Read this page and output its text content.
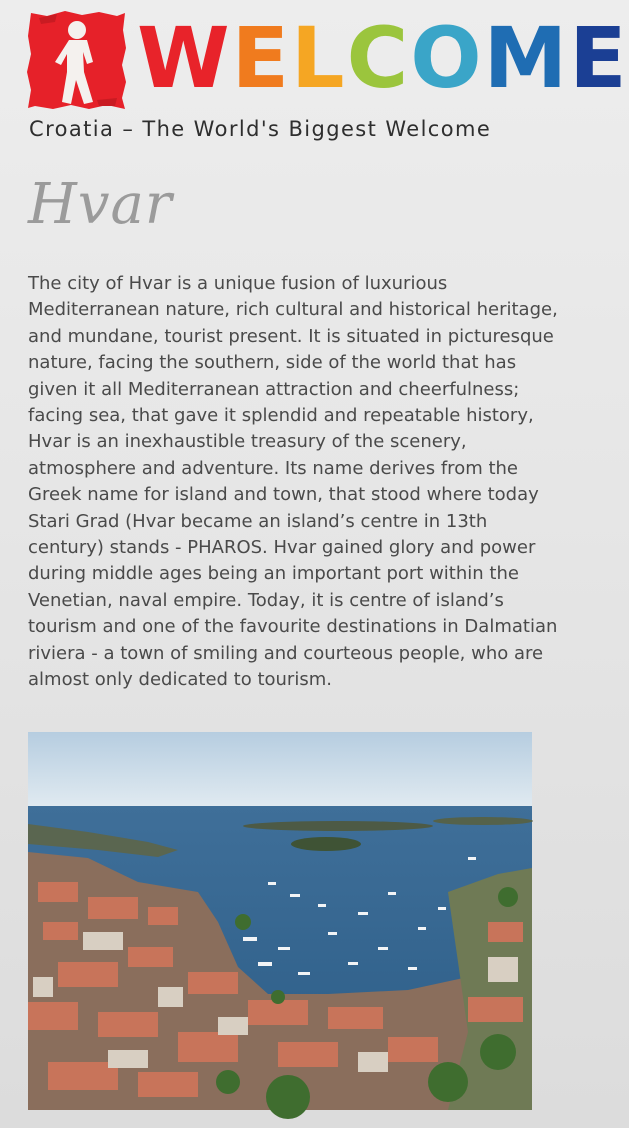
WELCOME
Croatia – The World's Biggest Welcome
Hvar

The city of Hvar is a unique fusion of luxurious Mediterranean nature, rich cultural and historical heritage, and mundane, tourist present. It is situated in picturesque nature, facing the southern, side of the world that has given it all Mediterranean attraction and cheerfulness; facing sea, that gave it splendid and repeatable history, Hvar is an inexhaustible treasury of the scenery, atmosphere and adventure. Its name derives from the Greek name for island and town, that stood where today Stari Grad (Hvar became an island’s centre in 13th century) stands - PHAROS. Hvar gained glory and power during middle ages being an important port within the Venetian, naval empire. Today, it is centre of island’s tourism and one of the favourite destinations in Dalmatian riviera - a town of smiling and courteous people, who are almost only dedicated to tourism.
